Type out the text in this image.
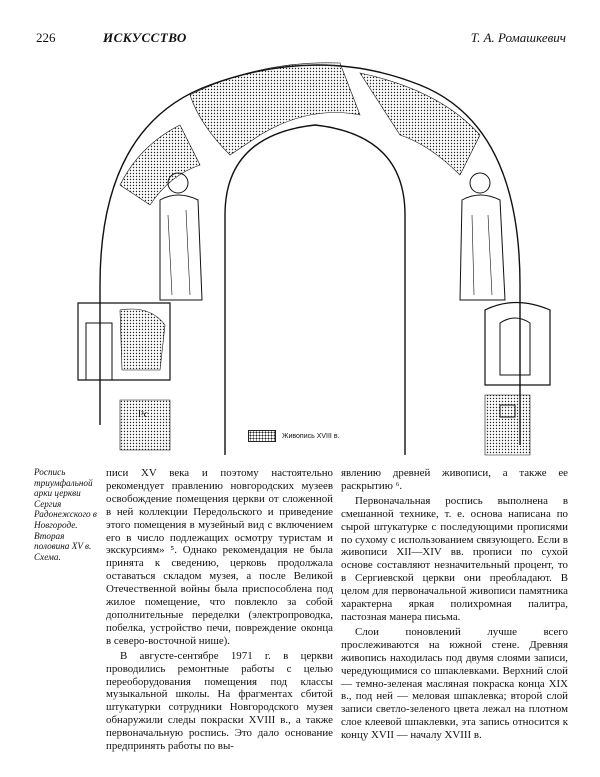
226	ИСКУССТВО	Т. А. Ромашкевич
I³c
Живопись XVIII в.
Роспись триумфальной арки церкви Сергия Радонежского в Новгороде. Вторая половина XV в. Схема.

писи XV века и поэтому настоятельно рекомендует правлению новгородских музеев освобождение помещения церкви от сложенной в ней коллекции Передольского и приведение этого помещения в музейный вид с включением его в число подлежащих осмотру туристам и экскурсиям» ⁵. Однако рекомендация не была принята к сведению, церковь продолжала оставаться складом музея, а после Великой Отечественной войны была приспособлена под жилое помещение, что повлекло за собой дополнительные переделки (электропроводка, побелка, устройство печи, повреждение оконца в северо-восточной нише).

В августе-сентябре 1971 г. в церкви проводились ремонтные работы с целью переоборудования помещения под классы музыкальной школы. На фрагментах сбитой штукатурки сотрудники Новгородского музея обнаружили следы покраски XVIII в., а также первоначальную роспись. Это дало основание предпринять работы по вы-

явлению древней живописи, а также ее раскрытию ⁶.

Первоначальная роспись выполнена в смешанной технике, т. е. основа написана по сырой штукатурке с последующими прописями по сухому с использованием связующего. Если в живописи XII—XIV вв. прописи по сухой основе составляют незначительный процент, то в Сергиевской церкви они преобладают. В целом для первоначальной живописи памятника характерна яркая полихромная палитра, пастозная манера письма.

Слои поновлений лучше всего прослеживаются на южной стене. Древняя живопись находилась под двумя слоями записи, чередующимися со шпаклевками. Верхний слой — темно-зеленая масляная покраска конца XIX в., под ней — меловая шпаклевка; второй слой записи светло-зеленого цвета лежал на плотном слое клеевой шпаклевки, эта запись относится к концу XVII — началу XVIII в.
